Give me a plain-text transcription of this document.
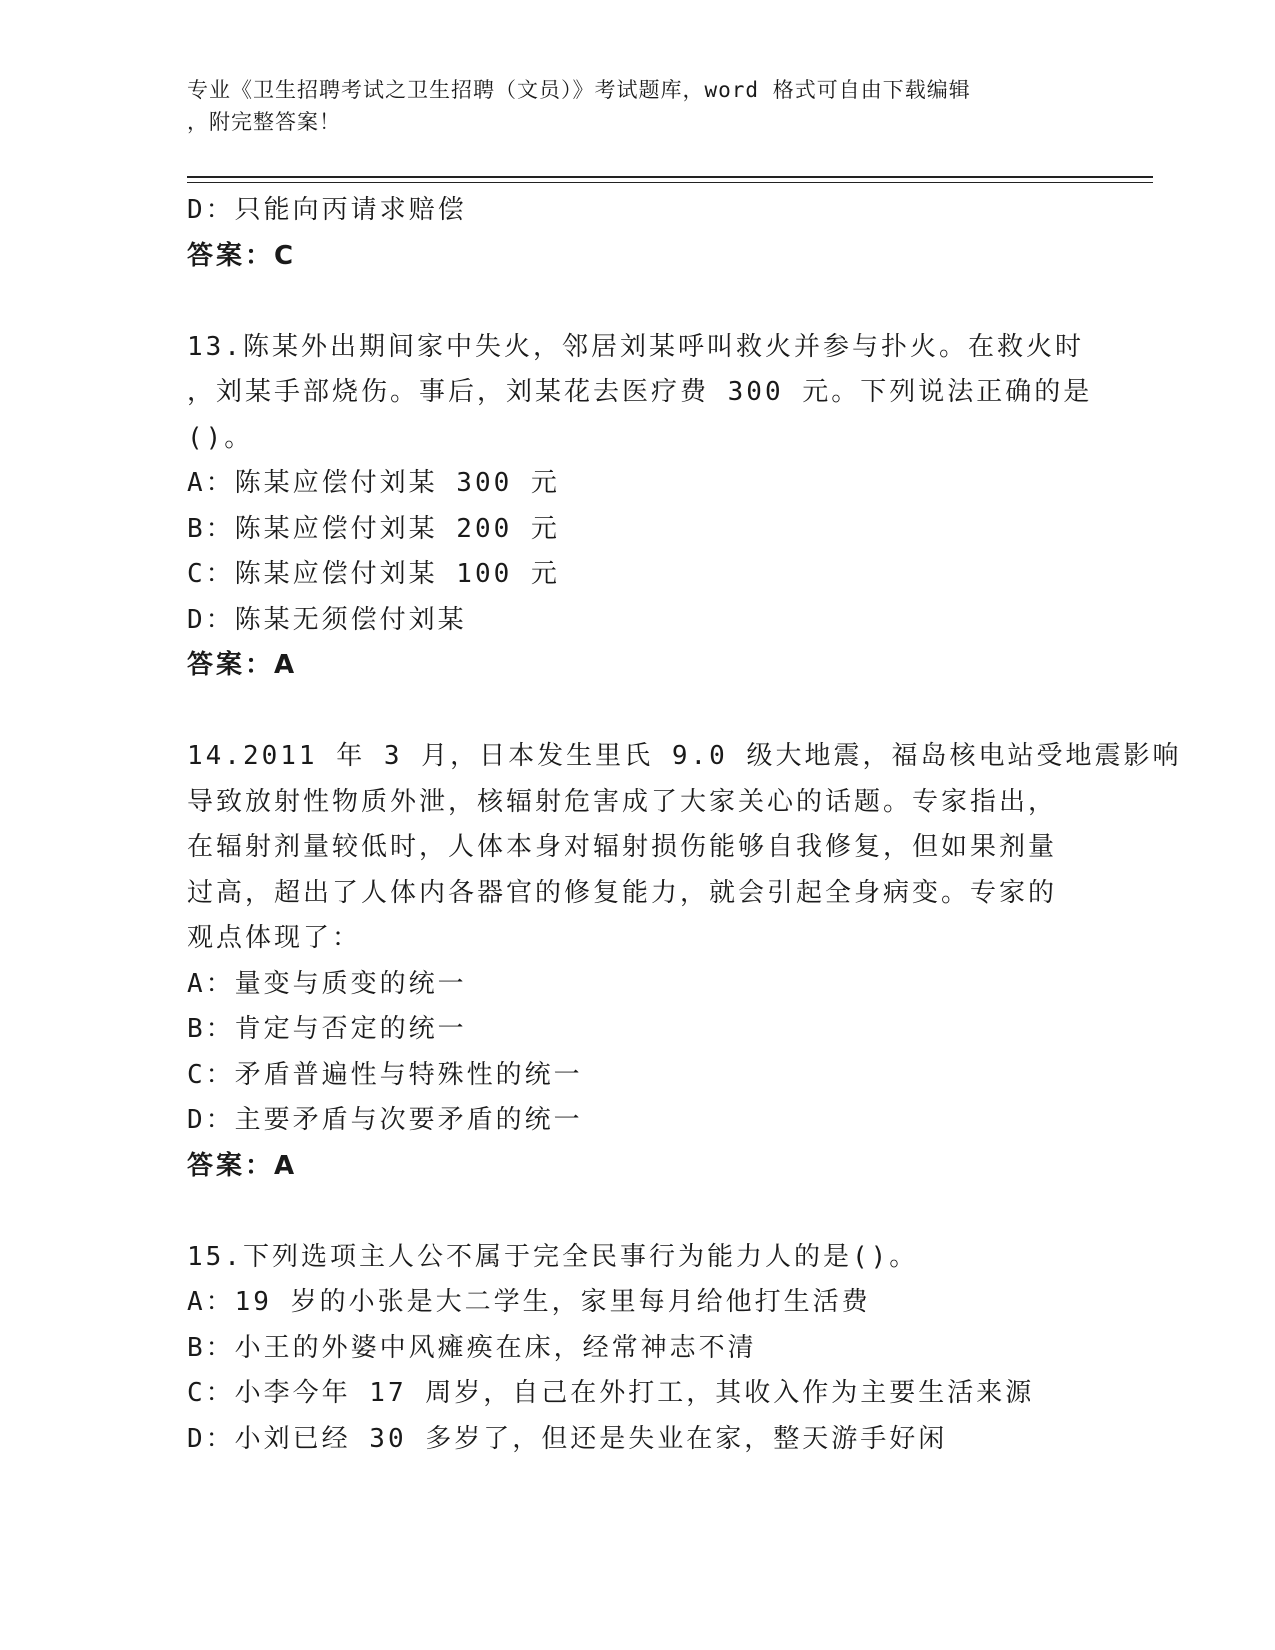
专业《卫生招聘考试之卫生招聘（文员）》考试题库，word 格式可自由下载编辑
，附完整答案！
D：只能向丙请求赔偿
答案：C
13.陈某外出期间家中失火，邻居刘某呼叫救火并参与扑火。在救火时
，刘某手部烧伤。事后，刘某花去医疗费 300 元。下列说法正确的是
()。
A：陈某应偿付刘某 300 元
B：陈某应偿付刘某 200 元
C：陈某应偿付刘某 100 元
D：陈某无须偿付刘某
答案：A
14.2011 年 3 月，日本发生里氏 9.0 级大地震，福岛核电站受地震影响
导致放射性物质外泄，核辐射危害成了大家关心的话题。专家指出，
在辐射剂量较低时，人体本身对辐射损伤能够自我修复，但如果剂量
过高，超出了人体内各器官的修复能力，就会引起全身病变。专家的
观点体现了：
A：量变与质变的统一
B：肯定与否定的统一
C：矛盾普遍性与特殊性的统一
D：主要矛盾与次要矛盾的统一
答案：A
15.下列选项主人公不属于完全民事行为能力人的是()。
A：19 岁的小张是大二学生，家里每月给他打生活费
B：小王的外婆中风瘫痪在床，经常神志不清
C：小李今年 17 周岁，自己在外打工，其收入作为主要生活来源
D：小刘已经 30 多岁了，但还是失业在家，整天游手好闲
